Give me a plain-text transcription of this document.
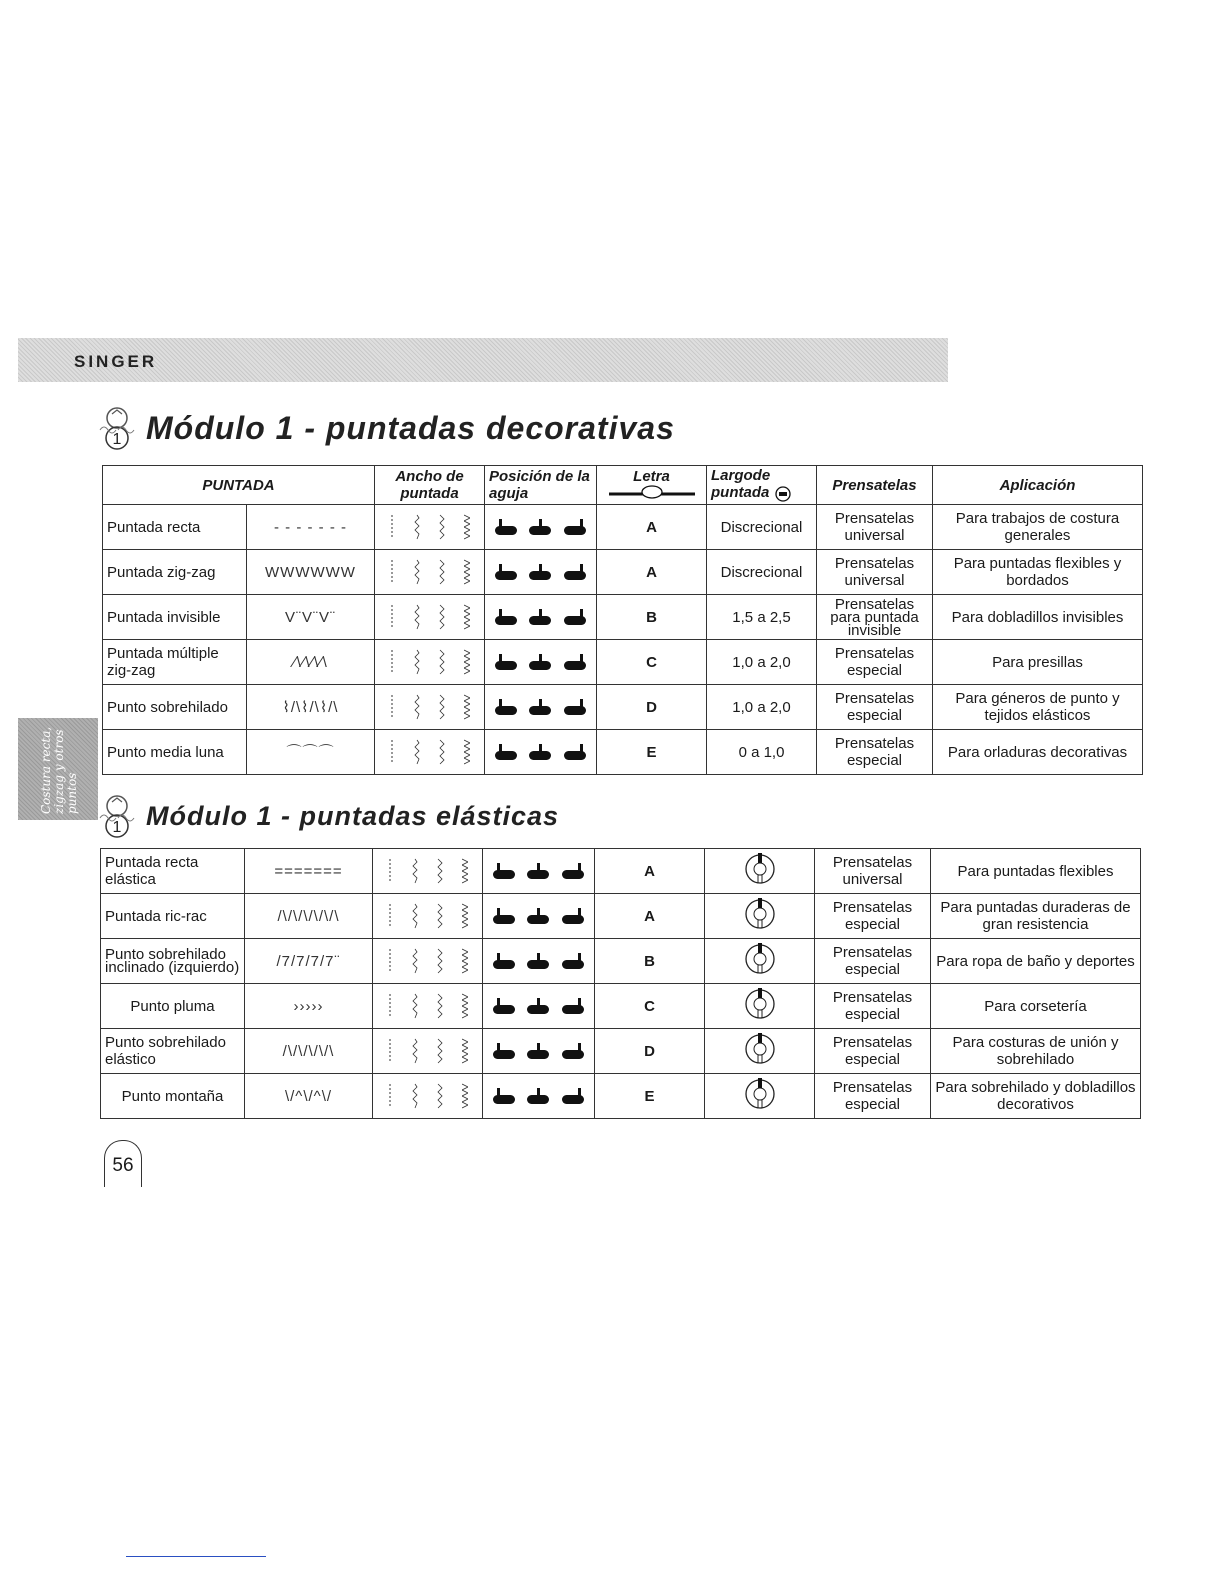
SINGER
Costura recta, zigzag y otros puntos
1 Módulo 1 - puntadas decorativas
PUNTADA		Ancho de puntada	Posición de la aguja	Letra	Largode puntada	Prensatelas	Aplicación
Puntada recta	- - - - - - -			A	Discrecional	Prensatelas universal	Para trabajos de costura generales
Puntada zig-zag	WWWWWW			A	Discrecional	Prensatelas universal	Para puntadas flexibles y bordados
Puntada invisible	V¨V¨V¨			B	1,5 a 2,5	Prensatelas para puntada invisible	Para dobladillos invisibles
Puntada múltiple zig-zag	⁄\⁄\⁄\⁄\			C	1,0 a 2,0	Prensatelas especial	Para presillas
Punto sobrehilado	⌇/\⌇/\⌇/\			D	1,0 a 2,0	Prensatelas especial	Para géneros de punto y tejidos elásticos
Punto media luna	⌒⌒⌒			E	0 a 1,0	Prensatelas especial	Para orladuras decorativas
1 Módulo 1 - puntadas elásticas
Puntada recta elástica	=======			A		Prensatelas universal	Para puntadas flexibles
Puntada ric-rac	/\/\/\/\/\/\			A		Prensatelas especial	Para puntadas duraderas de gran resistencia
Punto sobrehilado inclinado (izquierdo)	/7/7/7/7¨			B		Prensatelas especial	Para ropa de baño y deportes
Punto pluma	›››››			C		Prensatelas especial	Para corsetería
Punto sobrehilado elástico	/\/\/\/\/\			D		Prensatelas especial	Para costuras de unión y sobrehilado
Punto montaña	\/^\/^\/			E		Prensatelas especial	Para sobrehilado y dobladillos decorativos
56
